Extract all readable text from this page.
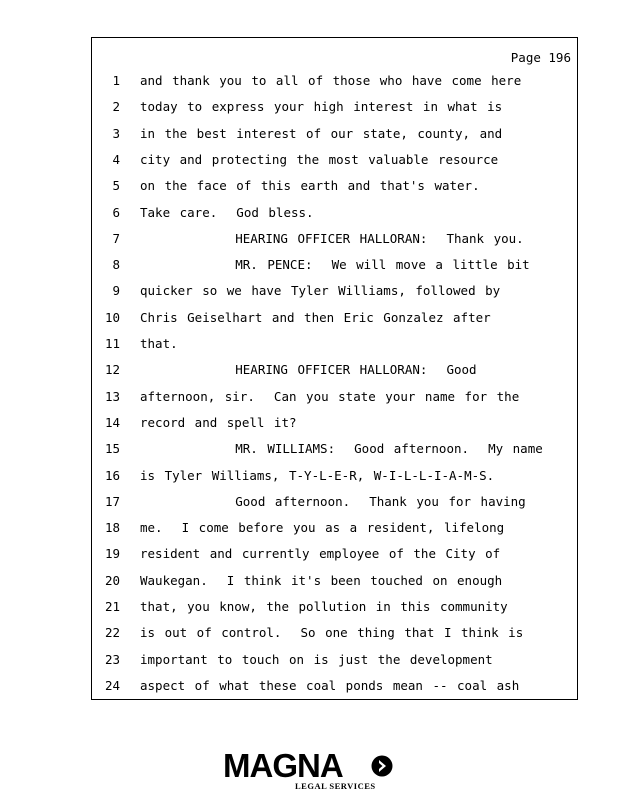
Page 196
1 and thank you to all of those who have come here
2 today to express your high interest in what is
3 in the best interest of our state, county, and
4 city and protecting the most valuable resource
5 on the face of this earth and that's water.
6 Take care.  God bless.
7 HEARING OFFICER HALLORAN:  Thank you.
8 MR. PENCE:  We will move a little bit
9 quicker so we have Tyler Williams, followed by
10 Chris Geiselhart and then Eric Gonzalez after
11 that.
12 HEARING OFFICER HALLORAN:  Good
13 afternoon, sir.  Can you state your name for the
14 record and spell it?
15 MR. WILLIAMS:  Good afternoon.  My name
16 is Tyler Williams, T-Y-L-E-R, W-I-L-L-I-A-M-S.
17 Good afternoon.  Thank you for having
18 me.  I come before you as a resident, lifelong
19 resident and currently employee of the City of
20 Waukegan.  I think it's been touched on enough
21 that, you know, the pollution in this community
22 is out of control.  So one thing that I think is
23 important to touch on is just the development
24 aspect of what these coal ponds mean -- coal ash
MAGNA
LEGAL SERVICES
